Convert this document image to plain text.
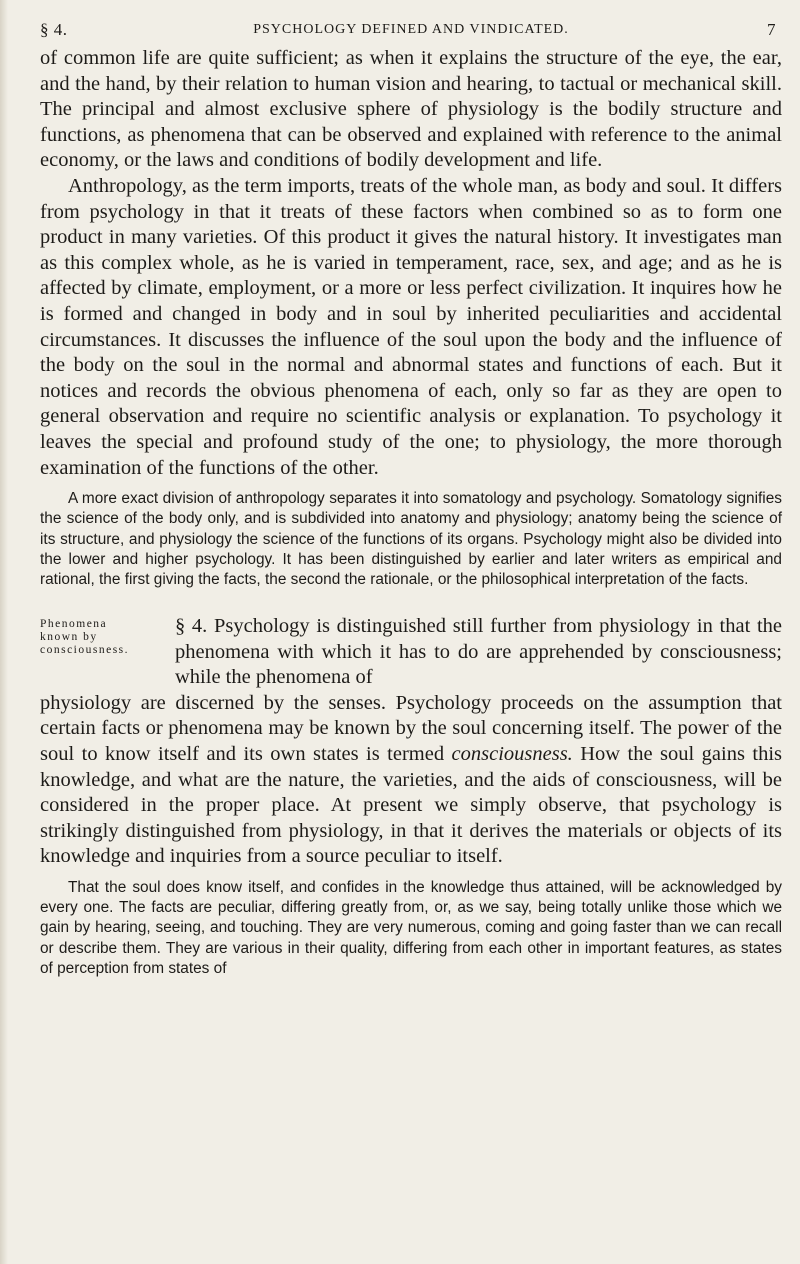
§ 4.	PSYCHOLOGY DEFINED AND VINDICATED.	7

of common life are quite sufficient; as when it explains the structure of the eye, the ear, and the hand, by their relation to human vision and hearing, to tactual or mechanical skill. The principal and almost exclusive sphere of physiology is the bodily structure and functions, as phenomena that can be observed and explained with reference to the animal economy, or the laws and conditions of bodily development and life.

Anthropology, as the term imports, treats of the whole man, as body and soul. It differs from psychology in that it treats of these factors when combined so as to form one product in many varieties. Of this product it gives the natural history. It investigates man as this complex whole, as he is varied in temperament, race, sex, and age; and as he is affected by climate, employment, or a more or less perfect civilization. It inquires how he is formed and changed in body and in soul by inherited peculiarities and accidental circumstances. It discusses the influence of the soul upon the body and the influence of the body on the soul in the normal and abnormal states and functions of each. But it notices and records the obvious phenomena of each, only so far as they are open to general observation and require no scientific analysis or explanation. To psychology it leaves the special and profound study of the one; to physiology, the more thorough examination of the functions of the other.

A more exact division of anthropology separates it into somatology and psychology. Somatology signifies the science of the body only, and is subdivided into anatomy and physiology; anatomy being the science of its structure, and physiology the science of the functions of its organs. Psychology might also be divided into the lower and higher psychology. It has been distinguished by earlier and later writers as empirical and rational, the first giving the facts, the second the rationale, or the philosophical interpretation of the facts.

Phenomena known by consciousness.

§ 4. Psychology is distinguished still further from physiology in that the phenomena with which it has to do are apprehended by consciousness; while the phenomena of

physiology are discerned by the senses. Psychology proceeds on the assumption that certain facts or phenomena may be known by the soul concerning itself. The power of the soul to know itself and its own states is termed consciousness. How the soul gains this knowledge, and what are the nature, the varieties, and the aids of consciousness, will be considered in the proper place. At present we simply observe, that psychology is strikingly distinguished from physiology, in that it derives the materials or objects of its knowledge and inquiries from a source peculiar to itself.

That the soul does know itself, and confides in the knowledge thus attained, will be acknowledged by every one. The facts are peculiar, differing greatly from, or, as we say, being totally unlike those which we gain by hearing, seeing, and touching. They are very numerous, coming and going faster than we can recall or describe them. They are various in their quality, differing from each other in important features, as states of perception from states of
